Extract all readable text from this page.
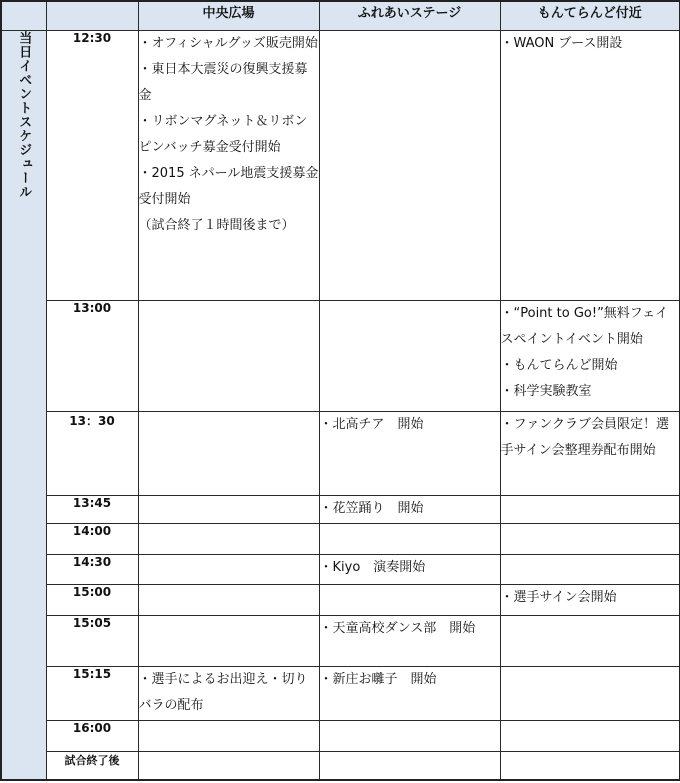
		中央広場	ふれあいステージ	もんてらんど付近
当日イベントスケジュール	12:30	・オフィシャルグッズ販売開始
・東日本大震災の復興支援募金
・リボンマグネット＆リボンピンバッチ募金受付開始
・2015 ネパール地震支援募金受付開始
（試合終了１時間後まで）		・WAON ブース開設

	13:00			・“Point to Go!”無料フェイスペイントイベント開始
・もんてらんど開始
・科学実験教室

	13：30		・北高チア　開始	・ファンクラブ会員限定！選手サイン会整理券配布開始

	13:45		・花笠踊り　開始	

	14:00			
	14:30		・Kiyo　演奏開始	

	15:00			・選手サイン会開始

	15:05		・天童高校ダンス部　開始	

	15:15	・選手によるお出迎え・切りバラの配布	・新庄お囃子　開始	

	16:00			
	試合終了後			
